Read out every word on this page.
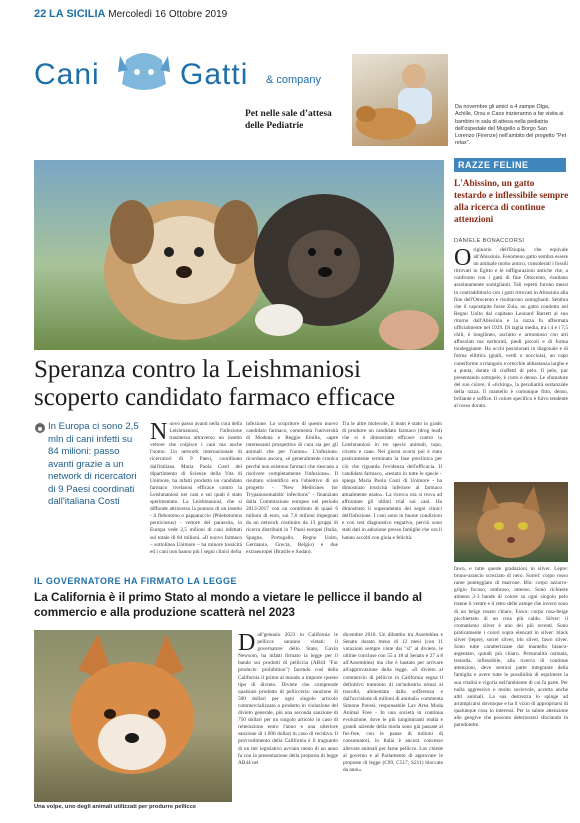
22 LA SICILIA Mercoledì 16 Ottobre 2019
Cani	Gatti & company
Pet nelle sale d’attesa delle Pediatrie
Da novembre gli amici a 4 zampe Olga, Achille, Orsu e Caos inizieranno a far visita ai bambini in sala di attesa nella pediatria dell'ospedale del Mugello a Borgo San Lorenzo (Firenze) nell'ambito del progetto "Pet relax".
Speranza contro la Leishmaniosi scoperto candidato farmaco efficace
In Europa ci sono 2,5 mln di cani infetti su 84 milioni: passo avanti grazie a un network di ricercatori di 9 Paesi coordinati dall'italiana Costi
Nuovo passo avanti nella cura della Leishmaniosi, l'infezione trasmessa attraverso un insetto vettore che colpisce i cani ma anche l'uomo. Un network internazionale di ricercatori di 9 Paesi, coordinato dall'italiana Maria Paola Costi del dipartimento di Scienze della Vita di Unimore, ha infatti prodotto un candidato farmaco rivelatosi efficace contro la Leishmaniosi nei cani e sui quali è stato sperimentato. La Leishmaniosi, che si diffonde attraverso la puntura di un insetto - il flebotomo o pappataccio (Phlebotomus perniciosus) - vettore del parassita, in Europa vede 2,5 milioni di cani infettati sul totale di 84 milioni. «Il nuovo farmaco – sottolinea Unimore – ha minore tossicità ed i cani non hanno più i segni clinici della
infezione. Lo scopritore di questo nuovo candidato farmaco, commenta l'università di Modena e Reggio Emilia, «apre interessanti prospettive di cura sia per gli animali che per l'uomo». L'infezione, ricordano ancora, «è generalmente cronica perché non esistono farmaci che riescano a risolvere completamente l'infezione». Il risultato scientifico era l'obiettivo di un progetto - "New Medicines for Trypanosomatidic infections" - finanziato dalla Commissione europea nel periodo 2013-2017 con un contributo di quasi 6 milioni di euro, sui 7,6 milioni impegnati da un network costituito da 13 gruppi di ricerca distribuiti in 7 Paesi europei (Italia, Spagna, Portogallo, Regno Unito, Germania, Grecia, Belgio) e due extraeuropei (Brasile e Sudan).
Tra le altre molecole, il team è stato in grado di produrre un candidato farmaco (drug lead) che si è dimostrato efficace contro la Leishmaniosi in tre specie animali, topo, criceto e cane. Nei giorni scorsi poi è stata praticamente terminata la fase preclinica per ciò che riguarda l'evidenza dell'efficacia. Il candidato farmaco, «testato in tutte le specie - spiega Maria Paola Costi di Unimore - ha dimostrato tossicità inferiore al farmaco attualmente usato». La ricerca ora si trova ad affrontare gli ultimi trial sui cani. Ha dimostrato il superamento dei segni clinici dell'infezione. I cani sono in buone condizioni e con test diagnostico negativo, perciò sono stati dati in adozione presso famiglie che ora li hanno accolti con gioia e felicità.
RAZZE FELINE
L'Abissino, un gatto testardo e inflessibile sempre alla ricerca di continue attenzioni
DANIELE BONACCORSI
Originario dell'Etiopia, che equivale all'Abissinia. Fenomeno gatto sembra essere un animale molto antico, considerati i fossili ritrovati in Egitto e le raffigurazioni antiche che, a confronto con i gatti di fine Ottocento, risultano assolutamente somiglianti. Tali reperti furono messi in contraddittorio con i gatti ritrovati in Abissinia alla fine dell'Ottocento e risultarono somiglianti. Sembra che il capostipite fosse Zula, un gatto condotto nel Regno Unito dal capitano Leonard Barrett al suo ritorno dall'Abissinia e la razza fu affermata ufficialmente nel 1929. Di taglia media, tra i 4 e i 7,5 chili, è longilineo, asciutto e armonioso con arti affusolati ma nerboruti, piedi piccoli e di forma tondeggiante. Ha occhi posizionati in diagonale e di forma ellittica (gialli, verdi o nocciola), un capo cuneiforme a triangolo e orecchie abbastanza larghe e a punta, dotate di ciuffetti di pelo. Il pelo, pur presentando sottopelo, è corto e denso. Le sfumature del suo colore, il «ticking», la peculiarità sostanziale della razza. Il mantello è comunque fitto, denso, brillante e soffice. Il colore specifico è fulvo tendente al rosso dorato.
fawn, e tutte queste gradazioni in silver. Lepre: bruno-arancio screziato di nero. Sorrel: corpo rosso rame punteggiato di marrone. Blu: corpo azzurro-grigio focoso, ombroso, intenso. Sono richieste almeno 2-3 bande di colore su ogni singolo pelo tranne il ventre e il retro delle zampe che invece sono di un beige rosato chiaro. Fawn: corpo rosa-beige picchiettato di un crea più caldo. Silver: il cromatismo silver è uno dei più recenti. Sono praticamente i colori sopra elencati in silver: black silver (lepre), sorrel silver, blu silver, fawn silver. Sono tutte caratterizzate dal mantello bianco-argentato, quindi più chiaro. Personalità ostinata, testarda, inflessibile, alla ricerca di continue attenzioni, deve sentirsi parte integrante della famiglia e avere tutte le possibilità di esprimere la sua vitalità e vigoria nell'ambiente di cui fa parte. Per nulla aggressivo e molto socievole, accetta anche altri animali. La sua destrezza lo spinge ad arrampicarsi dovunque e ha il vizio di appropriarsi di qualunque cosa lo interessi. Per la salute attenzione alle gengive che possono deteriorarsi sfociando in parodontite.
IL GOVERNATORE HA FIRMATO LA LEGGE
La California è il primo Stato al mondo a vietare le pellicce il bando al commercio e alla produzione scatterà nel 2023
Una volpe, uno degli animali utilizzati per produrre pellicce
Dall'gennaio 2023 in California le pellicce saranno vietati: il governatore dello Stato, Gavin Newsom, ha infatti firmato la legge per il bando sui prodotti di pelliccia (AB44 "Fur products: prohibition") facendo così della California il primo al mondo a imporre questo tipo di divieto. Diviete che comprende qualsiasi prodotto di pellicceria: sanzione di 500 dollari per ogni singolo articolo commercializzato o prodotto in violazione del divieto generale, più una seconda sanzione di 750 dollari per un singolo articolo in caso di reiterazione entro l'anno e una ulteriore sanzione di 1.000 dollari in caso di recidiva. Il provvedimento della California è il traguardo di un iter legislativo avviato meno di un anno fa con la presentazione della proposta di legge AB44 nel
dicembre 2018. Un dibattito tra Assemblea e Senato durato meno di 12 mesi (con 11 votazioni sempre vinte dai "sì" al divieto, le ultime concluse con 55 a 18 al Senato e 27 a 8 all'Assemblea) ma che è bastato per arrivare all'approvazione della legge. «Il divieto al commercio di pellicce in California segna il definitivo tramonto di un'industria ormai al tracollo, alimentata dalla sofferenza e dall'uccisione di milioni di animali» commenta Simone Pavesi, responsabile Lav Area Moda Animal Free - In una società in continua evoluzione, dove le più lungimiranti realtà e grandi aziende della moda sono già passate al fur-free, con le pause di milioni di consumatori, in Italia è ancora concesso allevare animali per farne pellicce. Lav chiede al governo e al Parlamento di approvare le proposte di legge (C99, C517, S211) bloccate da anni».
